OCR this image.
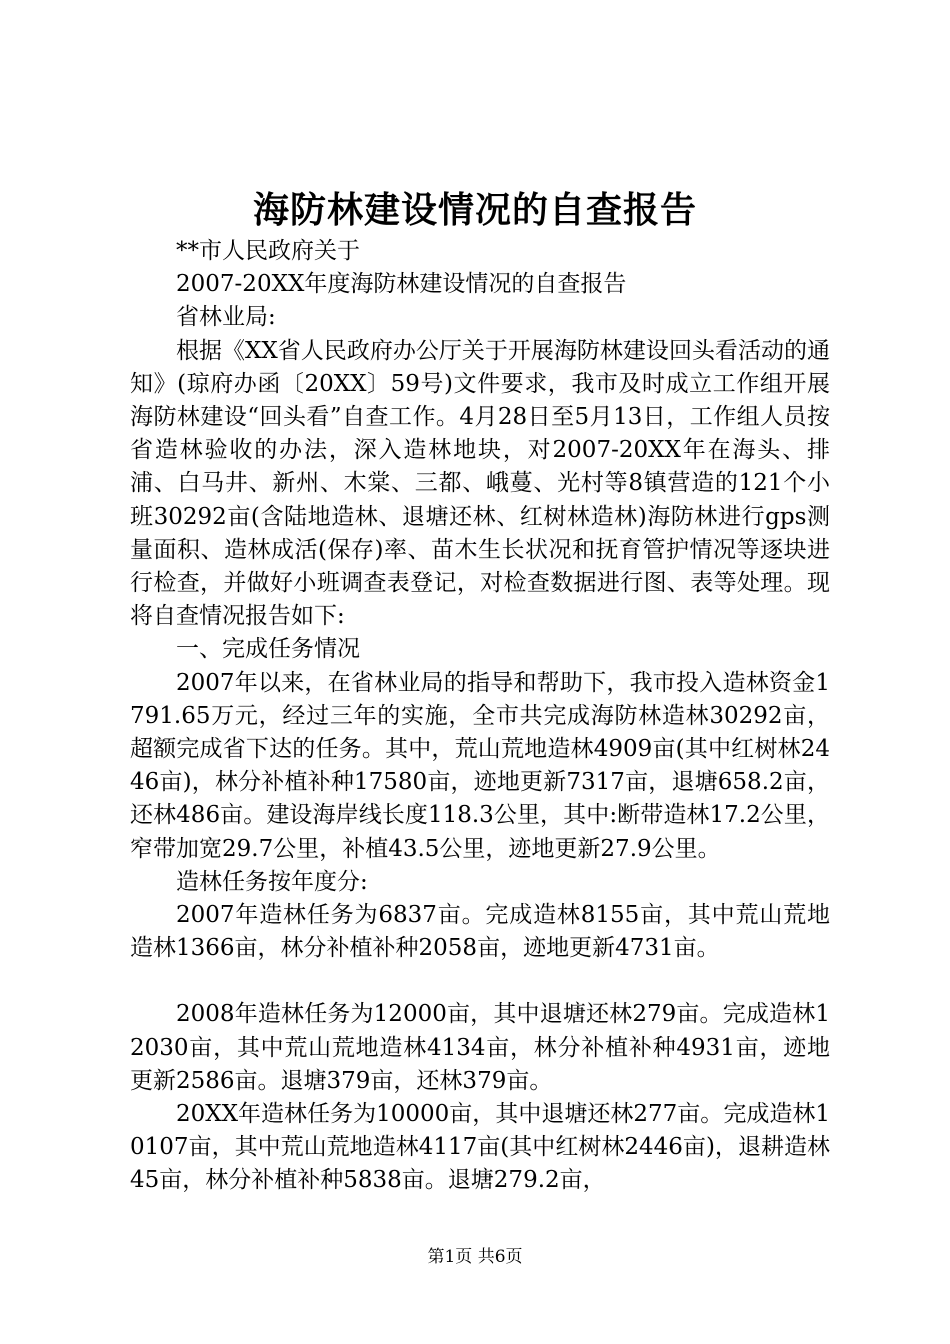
海防林建设情况的自查报告

**市人民政府关于

2007-20XX年度海防林建设情况的自查报告

省林业局:

根据《XX省人民政府办公厅关于开展海防林建设回头看活动的通知》(琼府办函〔20XX〕59号)文件要求，我市及时成立工作组开展海防林建设“回头看”自查工作。4月28日至5月13日，工作组人员按省造林验收的办法，深入造林地块，对2007-20XX年在海头、排浦、白马井、新州、木棠、三都、峨蔓、光村等8镇营造的121个小班30292亩(含陆地造林、退塘还林、红树林造林)海防林进行gps测量面积、造林成活(保存)率、苗木生长状况和抚育管护情况等逐块进行检查，并做好小班调查表登记，对检查数据进行图、表等处理。现将自查情况报告如下:

一、完成任务情况

2007年以来，在省林业局的指导和帮助下，我市投入造林资金1791.65万元，经过三年的实施，全市共完成海防林造林30292亩，超额完成省下达的任务。其中，荒山荒地造林4909亩(其中红树林2446亩)，林分补植补种17580亩，迹地更新7317亩，退塘658.2亩，还林486亩。建设海岸线长度118.3公里，其中:断带造林17.2公里，窄带加宽29.7公里，补植43.5公里，迹地更新27.9公里。

造林任务按年度分:

2007年造林任务为6837亩。完成造林8155亩，其中荒山荒地造林1366亩，林分补植补种2058亩，迹地更新4731亩。

2008年造林任务为12000亩，其中退塘还林279亩。完成造林12030亩，其中荒山荒地造林4134亩，林分补植补种4931亩，迹地更新2586亩。退塘379亩，还林379亩。

20XX年造林任务为10000亩，其中退塘还林277亩。完成造林10107亩，其中荒山荒地造林4117亩(其中红树林2446亩)，退耕造林45亩，林分补植补种5838亩。退塘279.2亩，

第1页 共6页
